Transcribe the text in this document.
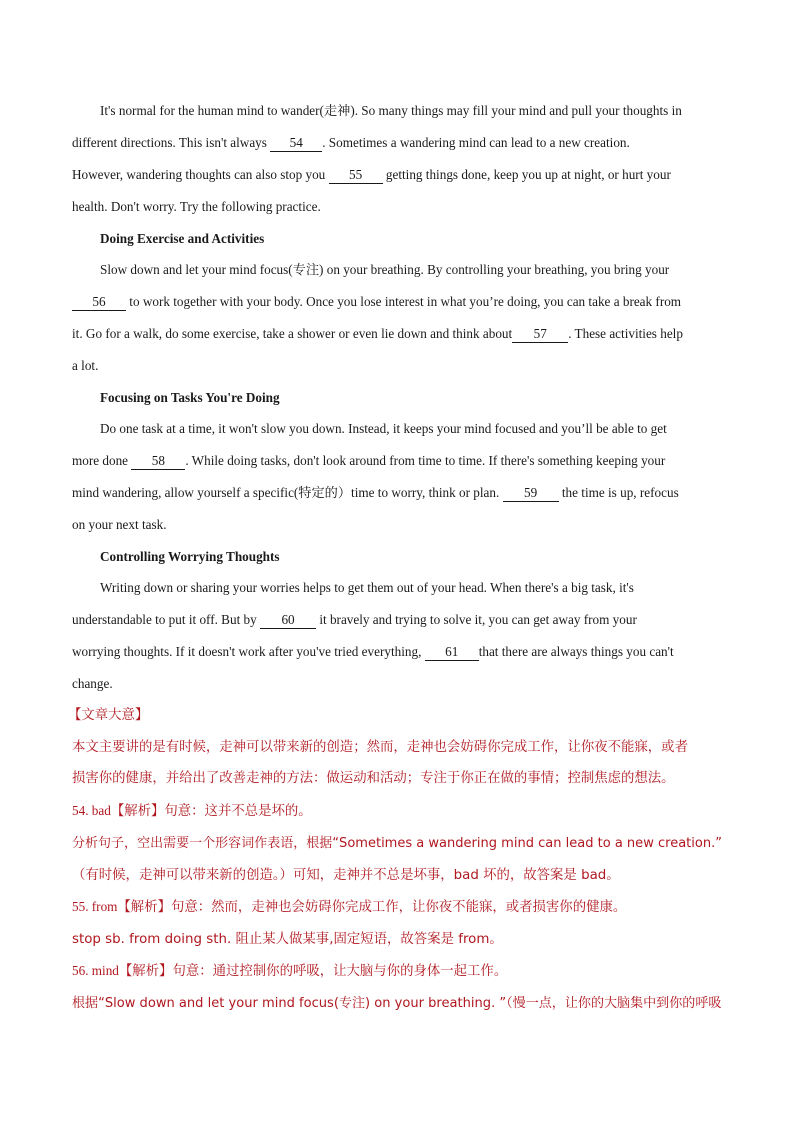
It's normal for the human mind to wander(走神). So many things may fill your mind and pull your thoughts in
different directions. This isn't always 54 . Sometimes a wandering mind can lead to a new creation.
However, wandering thoughts can also stop you 55 getting things done, keep you up at night, or hurt your
health. Don't worry. Try the following practice.
Doing Exercise and Activities
Slow down and let your mind focus(专注) on your breathing. By controlling your breathing, you bring your
56 to work together with your body. Once you lose interest in what you’re doing, you can take a break from
it. Go for a walk, do some exercise, take a shower or even lie down and think about 57 . These activities help
a lot.
Focusing on Tasks You're Doing
Do one task at a time, it won't slow you down. Instead, it keeps your mind focused and you’ll be able to get
more done 58 . While doing tasks, don't look around from time to time. If there's something keeping your
mind wandering, allow yourself a specific(特定的）time to worry, think or plan. 59 the time is up, refocus
on your next task.
Controlling Worrying Thoughts
Writing down or sharing your worries helps to get them out of your head. When there's a big task, it's
understandable to put it off. But by 60 it bravely and trying to solve it, you can get away from your
worrying thoughts. If it doesn't work after you've tried everything, 61 that there are always things you can't
change.
【文章大意】
本文主要讲的是有时候，走神可以带来新的创造；然而，走神也会妨碍你完成工作，让你夜不能寐，或者
损害你的健康，并给出了改善走神的方法：做运动和活动；专注于你正在做的事情；控制焦虑的想法。
54. bad【解析】句意：这并不总是坏的。
分析句子，空出需要一个形容词作表语，根据“Sometimes a wandering mind can lead to a new creation.”
（有时候，走神可以带来新的创造。）可知，走神并不总是坏事，bad 坏的，故答案是 bad。
55. from【解析】句意：然而，走神也会妨碍你完成工作，让你夜不能寐，或者损害你的健康。
stop sb. from doing sth. 阻止某人做某事,固定短语，故答案是 from。
56. mind【解析】句意：通过控制你的呼吸，让大脑与你的身体一起工作。
根据“Slow down and let your mind focus(专注) on your breathing. ”（慢一点，让你的大脑集中到你的呼吸
